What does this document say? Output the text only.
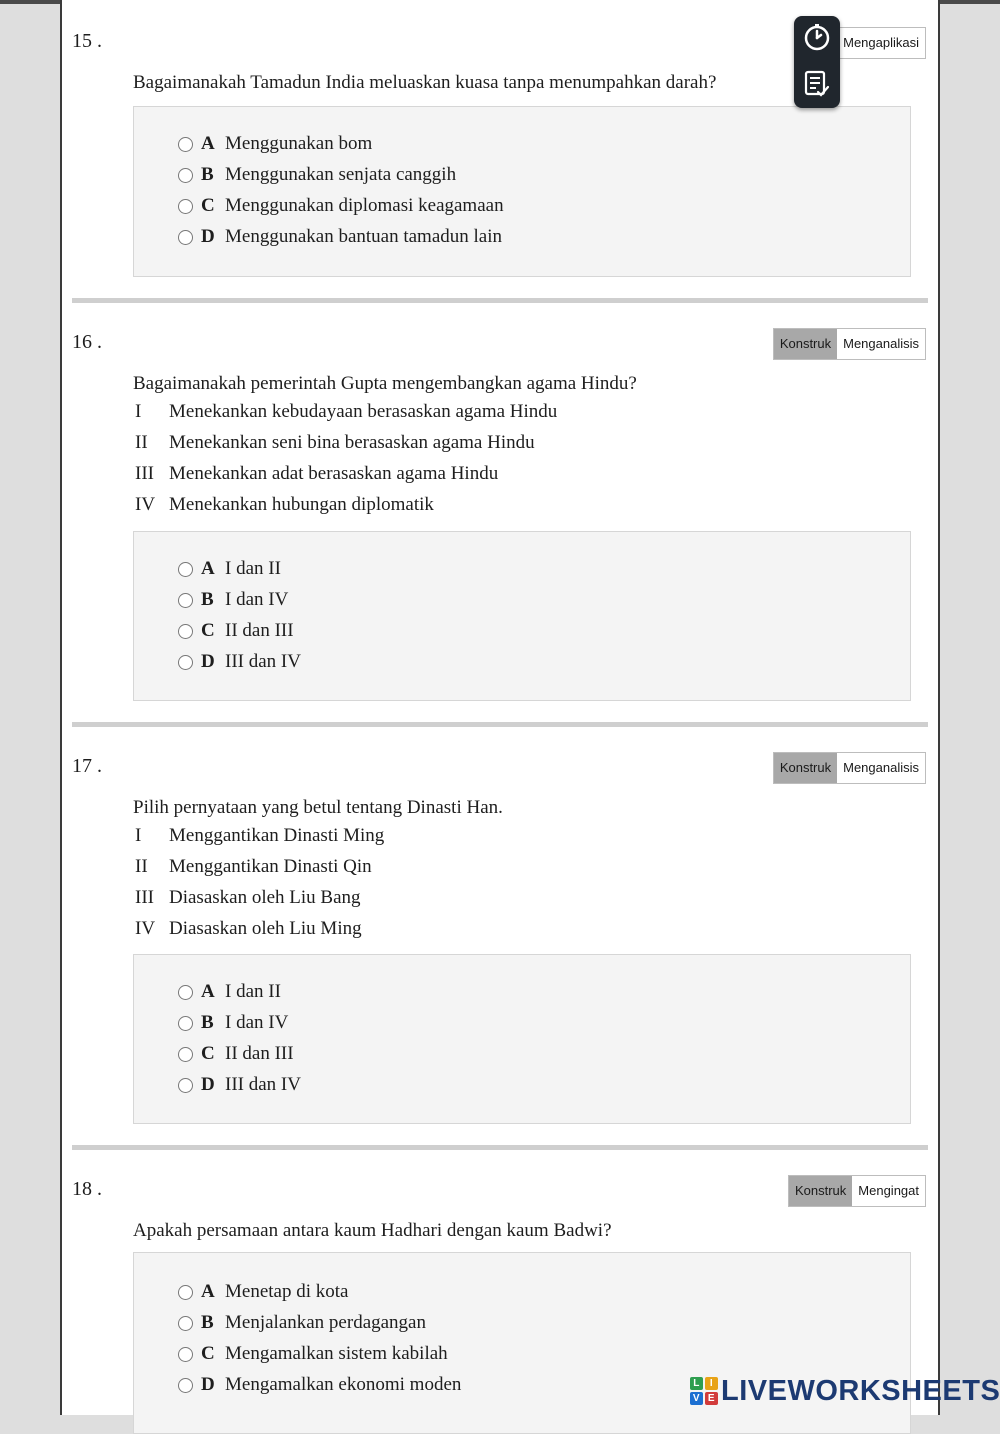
15 .	Mengaplikasi
Bagaimanakah Tamadun India meluaskan kuasa tanpa menumpahkan darah?
A Menggunakan bom
B Menggunakan senjata canggih
C Menggunakan diplomasi keagamaan
D Menggunakan bantuan tamadun lain
16 .	Konstruk Menganalisis
Bagaimanakah pemerintah Gupta mengembangkan agama Hindu?
I	Menekankan kebudayaan berasaskan agama Hindu
II	Menekankan seni bina berasaskan agama Hindu
III Menekankan adat berasaskan agama Hindu
IV Menekankan hubungan diplomatik
A I dan II
B I dan IV
C II dan III
D III dan IV
17 .	Konstruk Menganalisis
Pilih pernyataan yang betul tentang Dinasti Han.
I	Menggantikan Dinasti Ming
II	Menggantikan Dinasti Qin
III Diasaskan oleh Liu Bang
IV Diasaskan oleh Liu Ming
A I dan II
B I dan IV
C II dan III
D III dan IV
18 .	Konstruk Mengingat
Apakah persamaan antara kaum Hadhari dengan kaum Badwi?
A Menetap di kota
B Menjalankan perdagangan
C Mengamalkan sistem kabilah
D Mengamalkan ekonomi moden	L	I
V E LIVEWORKSHEETS
